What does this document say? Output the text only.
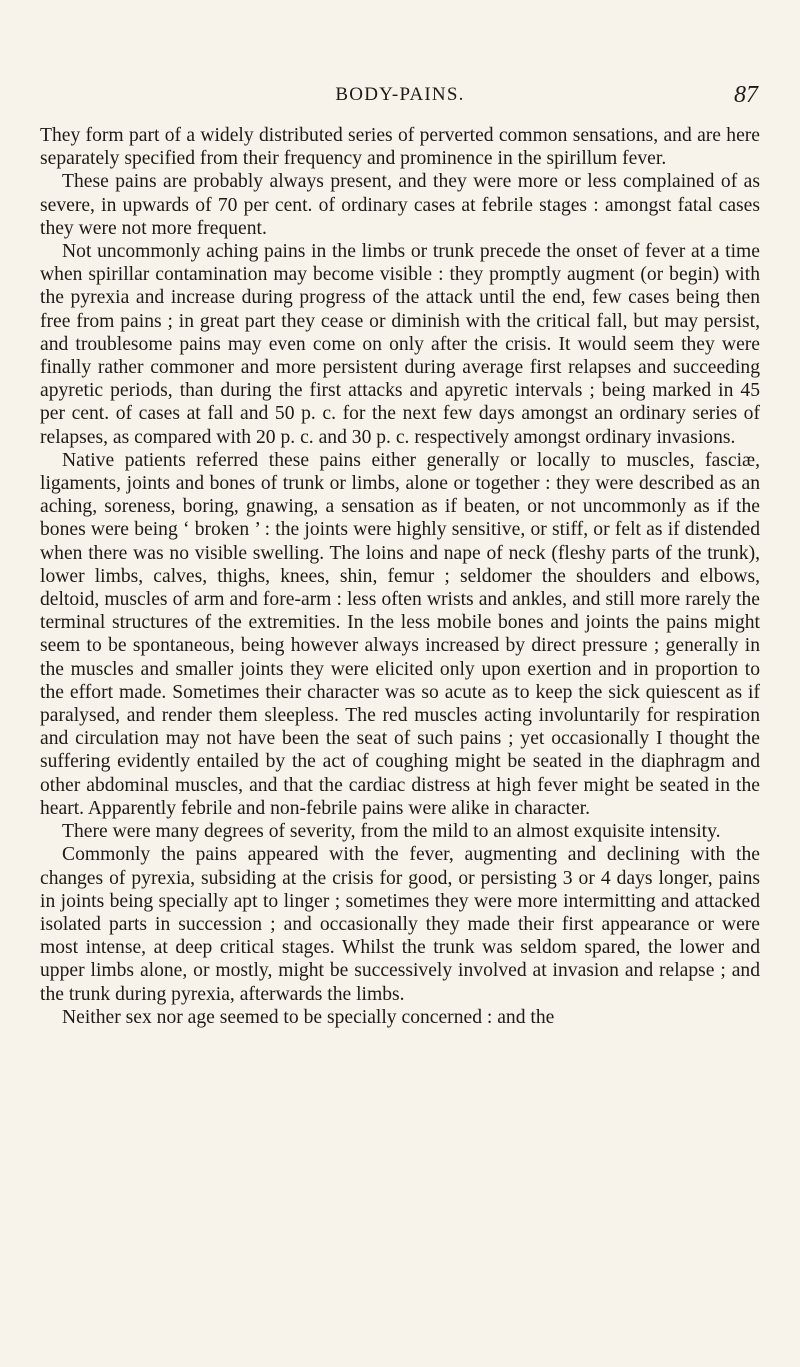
BODY-PAINS.	87

They form part of a widely distributed series of perverted common sensations, and are here separately specified from their frequency and prominence in the spirillum fever.

These pains are probably always present, and they were more or less complained of as severe, in upwards of 70 per cent. of ordinary cases at febrile stages : amongst fatal cases they were not more frequent.

Not uncommonly aching pains in the limbs or trunk precede the onset of fever at a time when spirillar contamination may become visible : they promptly augment (or begin) with the pyrexia and increase during progress of the attack until the end, few cases being then free from pains ; in great part they cease or diminish with the critical fall, but may persist, and troublesome pains may even come on only after the crisis. It would seem they were finally rather commoner and more persistent during average first relapses and succeeding apyretic periods, than during the first attacks and apyretic intervals ; being marked in 45 per cent. of cases at fall and 50 p. c. for the next few days amongst an ordinary series of relapses, as compared with 20 p. c. and 30 p. c. respectively amongst ordinary invasions.

Native patients referred these pains either generally or locally to muscles, fasciæ, ligaments, joints and bones of trunk or limbs, alone or together : they were described as an aching, soreness, boring, gnawing, a sensation as if beaten, or not uncommonly as if the bones were being ‘ broken ’ : the joints were highly sensitive, or stiff, or felt as if distended when there was no visible swelling. The loins and nape of neck (fleshy parts of the trunk), lower limbs, calves, thighs, knees, shin, femur ; seldomer the shoulders and elbows, deltoid, muscles of arm and fore-arm : less often wrists and ankles, and still more rarely the terminal structures of the extremities. In the less mobile bones and joints the pains might seem to be spontaneous, being however always increased by direct pressure ; generally in the muscles and smaller joints they were elicited only upon exertion and in proportion to the effort made. Sometimes their character was so acute as to keep the sick quiescent as if paralysed, and render them sleepless. The red muscles acting involuntarily for respiration and circulation may not have been the seat of such pains ; yet occasionally I thought the suffering evidently entailed by the act of coughing might be seated in the diaphragm and other abdominal muscles, and that the cardiac distress at high fever might be seated in the heart. Apparently febrile and non-febrile pains were alike in character.

There were many degrees of severity, from the mild to an almost exquisite intensity.

Commonly the pains appeared with the fever, augmenting and declining with the changes of pyrexia, subsiding at the crisis for good, or persisting 3 or 4 days longer, pains in joints being specially apt to linger ; sometimes they were more intermitting and attacked isolated parts in succession ; and occasionally they made their first appearance or were most intense, at deep critical stages. Whilst the trunk was seldom spared, the lower and upper limbs alone, or mostly, might be successively involved at invasion and relapse ; and the trunk during pyrexia, afterwards the limbs.

Neither sex nor age seemed to be specially concerned : and the
